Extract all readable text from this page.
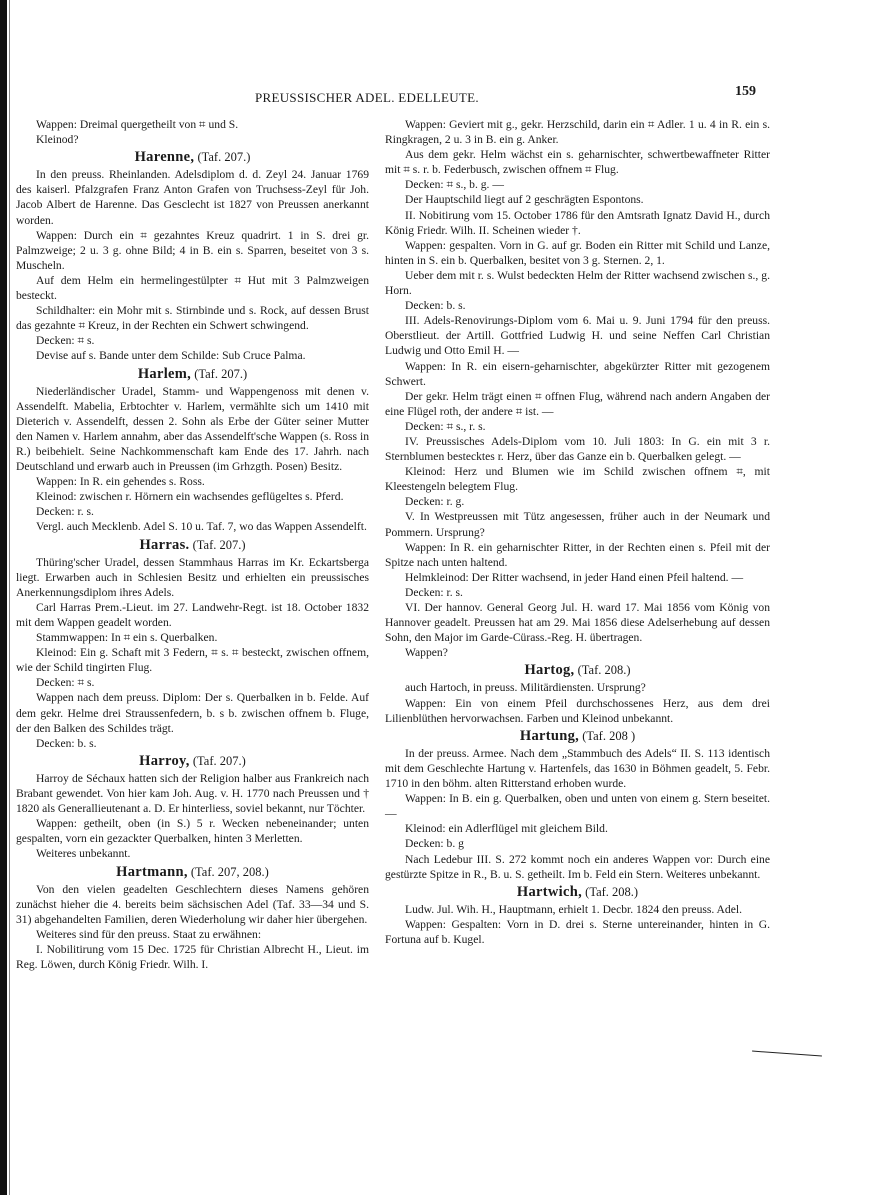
PREUSSISCHER ADEL. EDELLEUTE.	159

Wappen: Dreimal quergetheilt von ⌗ und S.

Kleinod?

Harenne, (Taf. 207.)

In den preuss. Rheinlanden. Adelsdiplom d. d. Zeyl 24. Januar 1769 des kaiserl. Pfalzgrafen Franz Anton Grafen von Truchsess-Zeyl für Joh. Jacob Albert de Harenne. Das Gesclecht ist 1827 von Preussen anerkannt worden.

Wappen: Durch ein ⌗ gezahntes Kreuz quadrirt. 1 in S. drei gr. Palmzweige; 2 u. 3 g. ohne Bild; 4 in B. ein s. Sparren, beseitet von 3 s. Muscheln.

Auf dem Helm ein hermelingestülpter ⌗ Hut mit 3 Palmzweigen besteckt.

Schildhalter: ein Mohr mit s. Stirnbinde und s. Rock, auf dessen Brust das gezahnte ⌗ Kreuz, in der Rechten ein Schwert schwingend.

Decken: ⌗ s.

Devise auf s. Bande unter dem Schilde: Sub Cruce Palma.

Harlem, (Taf. 207.)

Niederländischer Uradel, Stamm- und Wappengenoss mit denen v. Assendelft. Mabelia, Erbtochter v. Harlem, vermählte sich um 1410 mit Dieterich v. Assendelft, dessen 2. Sohn als Erbe der Güter seiner Mutter den Namen v. Harlem annahm, aber das Assendelft'sche Wappen (s. Ross in R.) beibehielt. Seine Nachkommenschaft kam Ende des 17. Jahrh. nach Deutschland und erwarb auch in Preussen (im Grhzgth. Posen) Besitz.

Wappen: In R. ein gehendes s. Ross.

Kleinod: zwischen r. Hörnern ein wachsendes geflügeltes s. Pferd.

Decken: r. s.

Vergl. auch Mecklenb. Adel S. 10 u. Taf. 7, wo das Wappen Assendelft.

Harras. (Taf. 207.)

Thüring'scher Uradel, dessen Stammhaus Harras im Kr. Eckartsberga liegt. Erwarben auch in Schlesien Besitz und erhielten ein preussisches Anerkennungsdiplom ihres Adels.

Carl Harras Prem.-Lieut. im 27. Landwehr-Regt. ist 18. October 1832 mit dem Wappen geadelt worden.

Stammwappen: In ⌗ ein s. Querbalken.

Kleinod: Ein g. Schaft mit 3 Federn, ⌗ s. ⌗ besteckt, zwischen offnem, wie der Schild tingirten Flug.

Decken: ⌗ s.

Wappen nach dem preuss. Diplom: Der s. Querbalken in b. Felde. Auf dem gekr. Helme drei Straussenfedern, b. s b. zwischen offnem b. Fluge, der den Balken des Schildes trägt.

Decken: b. s.

Harroy, (Taf. 207.)

Harroy de Séchaux hatten sich der Religion halber aus Frankreich nach Brabant gewendet. Von hier kam Joh. Aug. v. H. 1770 nach Preussen und † 1820 als Generallieutenant a. D. Er hinterliess, soviel bekannt, nur Töchter.

Wappen: getheilt, oben (in S.) 5 r. Wecken nebeneinander; unten gespalten, vorn ein gezackter Querbalken, hinten 3 Merletten.

Weiteres unbekannt.

Hartmann, (Taf. 207, 208.)

Von den vielen geadelten Geschlechtern dieses Namens gehören zunächst hieher die 4. bereits beim sächsischen Adel (Taf. 33—34 und S. 31) abgehandelten Familien, deren Wiederholung wir daher hier übergehen.

Weiteres sind für den preuss. Staat zu erwähnen:

I. Nobilitirung vom 15 Dec. 1725 für Christian Albrecht H., Lieut. im Reg. Löwen, durch König Friedr. Wilh. I.

Wappen: Geviert mit g., gekr. Herzschild, darin ein ⌗ Adler. 1 u. 4 in R. ein s. Ringkragen, 2 u. 3 in B. ein g. Anker.

Aus dem gekr. Helm wächst ein s. geharnischter, schwertbewaffneter Ritter mit ⌗ s. r. b. Federbusch, zwischen offnem ⌗ Flug.

Decken: ⌗ s., b. g. —

Der Hauptschild liegt auf 2 geschrägten Espontons.

II. Nobitirung vom 15. October 1786 für den Amtsrath Ignatz David H., durch König Friedr. Wilh. II. Scheinen wieder †.

Wappen: gespalten. Vorn in G. auf gr. Boden ein Ritter mit Schild und Lanze, hinten in S. ein b. Querbalken, besitet von 3 g. Sternen. 2, 1.

Ueber dem mit r. s. Wulst bedeckten Helm der Ritter wachsend zwischen s., g. Horn.

Decken: b. s.

III. Adels-Renovirungs-Diplom vom 6. Mai u. 9. Juni 1794 für den preuss. Oberstlieut. der Artill. Gottfried Ludwig H. und seine Neffen Carl Christian Ludwig und Otto Emil H. —

Wappen: In R. ein eisern-geharnischter, abgekürzter Ritter mit gezogenem Schwert.

Der gekr. Helm trägt einen ⌗ offnen Flug, während nach andern Angaben der eine Flügel roth, der andere ⌗ ist. —

Decken: ⌗ s., r. s.

IV. Preussisches Adels-Diplom vom 10. Juli 1803: In G. ein mit 3 r. Sternblumen bestecktes r. Herz, über das Ganze ein b. Querbalken gelegt. —

Kleinod: Herz und Blumen wie im Schild zwischen offnem ⌗, mit Kleestengeln belegtem Flug.

Decken: r. g.

V. In Westpreussen mit Tütz angesessen, früher auch in der Neumark und Pommern. Ursprung?

Wappen: In R. ein geharnischter Ritter, in der Rechten einen s. Pfeil mit der Spitze nach unten haltend.

Helmkleinod: Der Ritter wachsend, in jeder Hand einen Pfeil haltend. —

Decken: r. s.

VI. Der hannov. General Georg Jul. H. ward 17. Mai 1856 vom König von Hannover geadelt. Preussen hat am 29. Mai 1856 diese Adelserhebung auf dessen Sohn, den Major im Garde-Cürass.-Reg. H. übertragen.

Wappen?

Hartog, (Taf. 208.)

auch Hartoch, in preuss. Militärdiensten. Ursprung?

Wappen: Ein von einem Pfeil durchschossenes Herz, aus dem drei Lilienblüthen hervorwachsen. Farben und Kleinod unbekannt.

Hartung, (Taf. 208 )

In der preuss. Armee. Nach dem „Stammbuch des Adels“ II. S. 113 identisch mit dem Geschlechte Hartung v. Hartenfels, das 1630 in Böhmen geadelt, 5. Febr. 1710 in den böhm. alten Ritterstand erhoben wurde.

Wappen: In B. ein g. Querbalken, oben und unten von einem g. Stern beseitet. —

Kleinod: ein Adlerflügel mit gleichem Bild.

Decken: b. g

Nach Ledebur III. S. 272 kommt noch ein anderes Wappen vor: Durch eine gestürzte Spitze in R., B. u. S. getheilt. Im b. Feld ein Stern. Weiteres unbekannt.

Hartwich, (Taf. 208.)

Ludw. Jul. Wih. H., Hauptmann, erhielt 1. Decbr. 1824 den preuss. Adel.

Wappen: Gespalten: Vorn in D. drei s. Sterne untereinander, hinten in G. Fortuna auf b. Kugel.
